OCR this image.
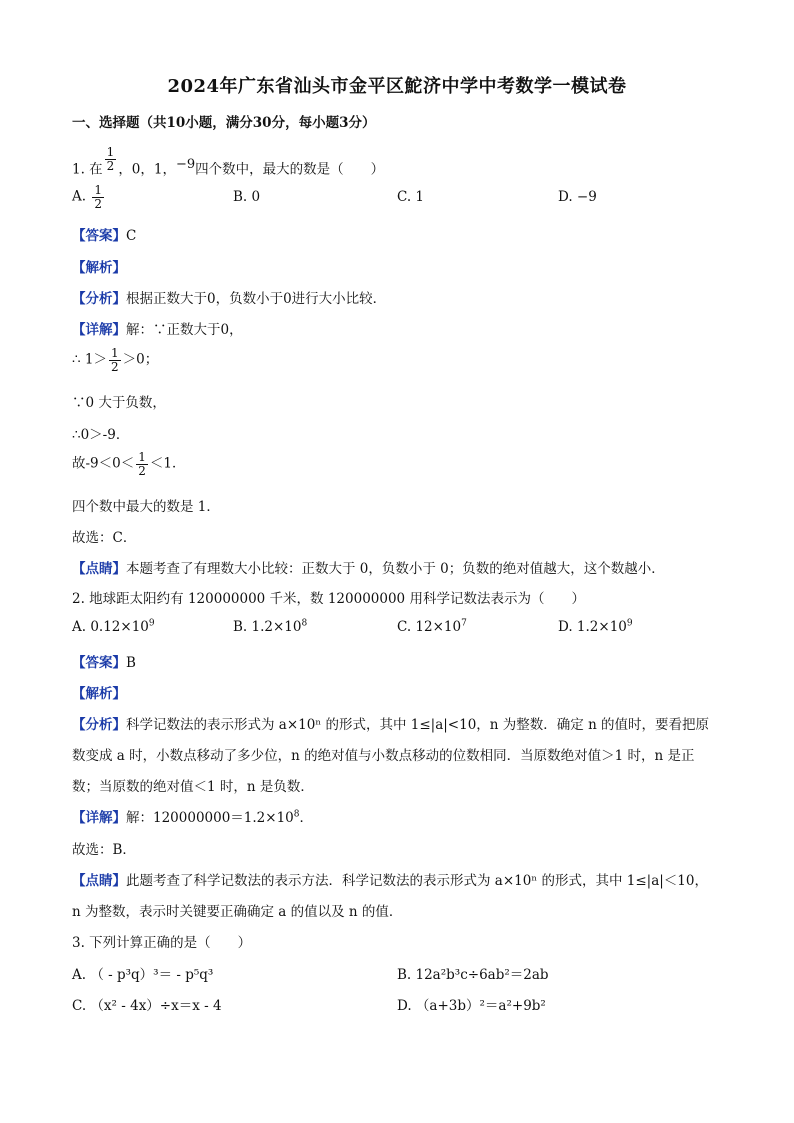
2024年广东省汕头市金平区鮀济中学中考数学一模试卷
一、选择题（共10小题，满分30分，每小题3分）
1. 在 $\frac{1}{2}$ ，0，1，$^{-9}$四个数中，最大的数是（　　）
A. $\frac{1}{2}$	B. 0	C. 1	D. −9
【答案】C
【解析】
【分析】根据正数大于0，负数小于0进行大小比较．
【详解】解：∵正数大于0，
∴ $1> \frac{1}{2} >0$；
∵0 大于负数，
∴0＞-9．
故$-9<0< \frac{1}{2} <1$．
四个数中最大的数是 1．
故选：C．
【点睛】本题考查了有理数大小比较：正数大于 0，负数小于 0；负数的绝对值越大，这个数越小．
2. 地球距太阳约有 120000000 千米，数 120000000 用科学记数法表示为（　　）
A. $0.12\times 10^9$	B. $1.2\times 10^8$	C. $12\times 10^7$	D. $1.2\times 10^9$
【答案】B
【解析】
【分析】科学记数法的表示形式为 a×10ⁿ 的形式，其中 1≤|a|<10，n 为整数．确定 n 的值时，要看把原
数变成 a 时，小数点移动了多少位，n 的绝对值与小数点移动的位数相同．当原数绝对值＞1 时，n 是正
数；当原数的绝对值＜1 时，n 是负数．
【详解】解：$120000000=1.2\times 10^8$．
故选：B．
【点睛】此题考查了科学记数法的表示方法．科学记数法的表示形式为 a×10ⁿ 的形式，其中 1≤|a|＜10，
n 为整数，表示时关键要正确确定 a 的值以及 n 的值．
3. 下列计算正确的是（　　）
A. （ - p³q）³＝ - p⁵q³	B. 12a²b³c÷6ab²＝2ab
C. （x² - 4x）÷x＝x - 4	D. （a+3b）²＝a²+9b²
